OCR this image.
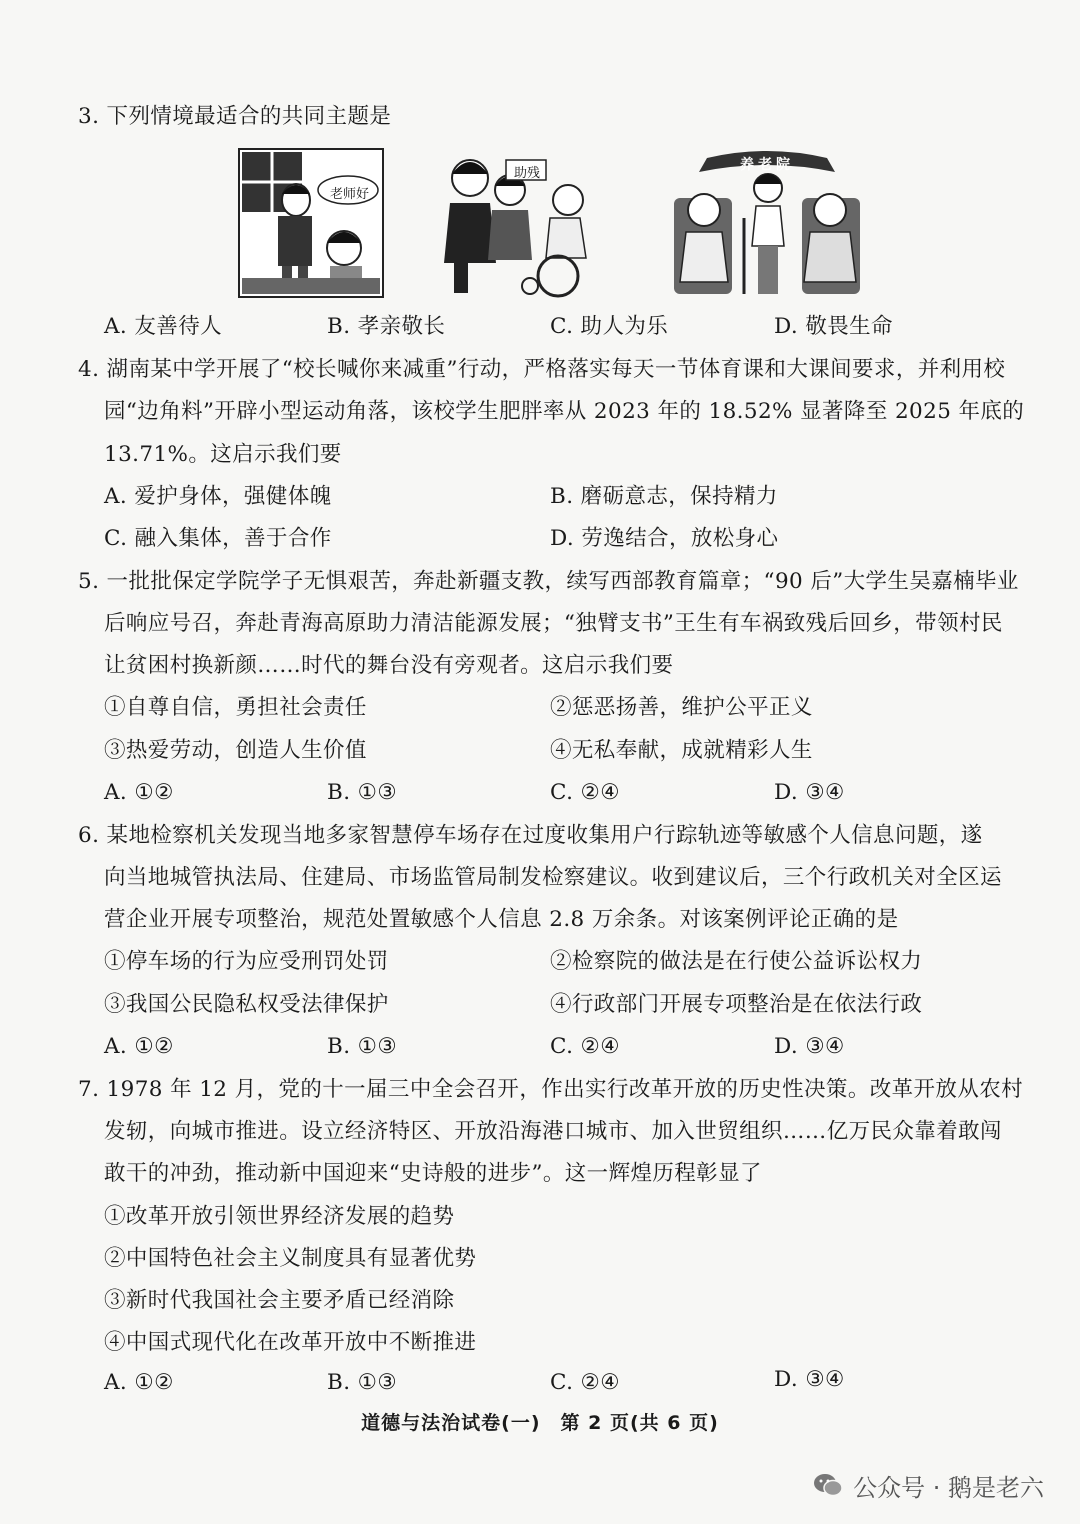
3. 下列情境最适合的共同主题是
老师好
助残
养老院
A. 友善待人	B. 孝亲敬长	C. 助人为乐	D. 敬畏生命
4. 湖南某中学开展了“校长喊你来减重”行动，严格落实每天一节体育课和大课间要求，并利用校
园“边角料”开辟小型运动角落，该校学生肥胖率从 2023 年的 18.52% 显著降至 2025 年底的
13.71%。这启示我们要
A. 爱护身体，强健体魄	B. 磨砺意志，保持精力
C. 融入集体，善于合作	D. 劳逸结合，放松身心
5. 一批批保定学院学子无惧艰苦，奔赴新疆支教，续写西部教育篇章；“90 后”大学生吴嘉楠毕业
后响应号召，奔赴青海高原助力清洁能源发展；“独臂支书”王生有车祸致残后回乡，带领村民
让贫困村换新颜……时代的舞台没有旁观者。这启示我们要
①自尊自信，勇担社会责任	②惩恶扬善，维护公平正义
③热爱劳动，创造人生价值	④无私奉献，成就精彩人生
A. ①②	B. ①③	C. ②④	D. ③④
6. 某地检察机关发现当地多家智慧停车场存在过度收集用户行踪轨迹等敏感个人信息问题，遂
向当地城管执法局、住建局、市场监管局制发检察建议。收到建议后，三个行政机关对全区运
营企业开展专项整治，规范处置敏感个人信息 2.8 万余条。对该案例评论正确的是
①停车场的行为应受刑罚处罚	②检察院的做法是在行使公益诉讼权力
③我国公民隐私权受法律保护	④行政部门开展专项整治是在依法行政
A. ①②	B. ①③	C. ②④	D. ③④
7. 1978 年 12 月，党的十一届三中全会召开，作出实行改革开放的历史性决策。改革开放从农村
发轫，向城市推进。设立经济特区、开放沿海港口城市、加入世贸组织……亿万民众靠着敢闯
敢干的冲劲，推动新中国迎来“史诗般的进步”。这一辉煌历程彰显了
①改革开放引领世界经济发展的趋势
②中国特色社会主义制度具有显著优势
③新时代我国社会主要矛盾已经消除
④中国式现代化在改革开放中不断推进
A. ①②	B. ①③	C. ②④	D. ③④
道德与法治试卷(一)　第 2 页(共 6 页)
公众号 · 鹅是老六
